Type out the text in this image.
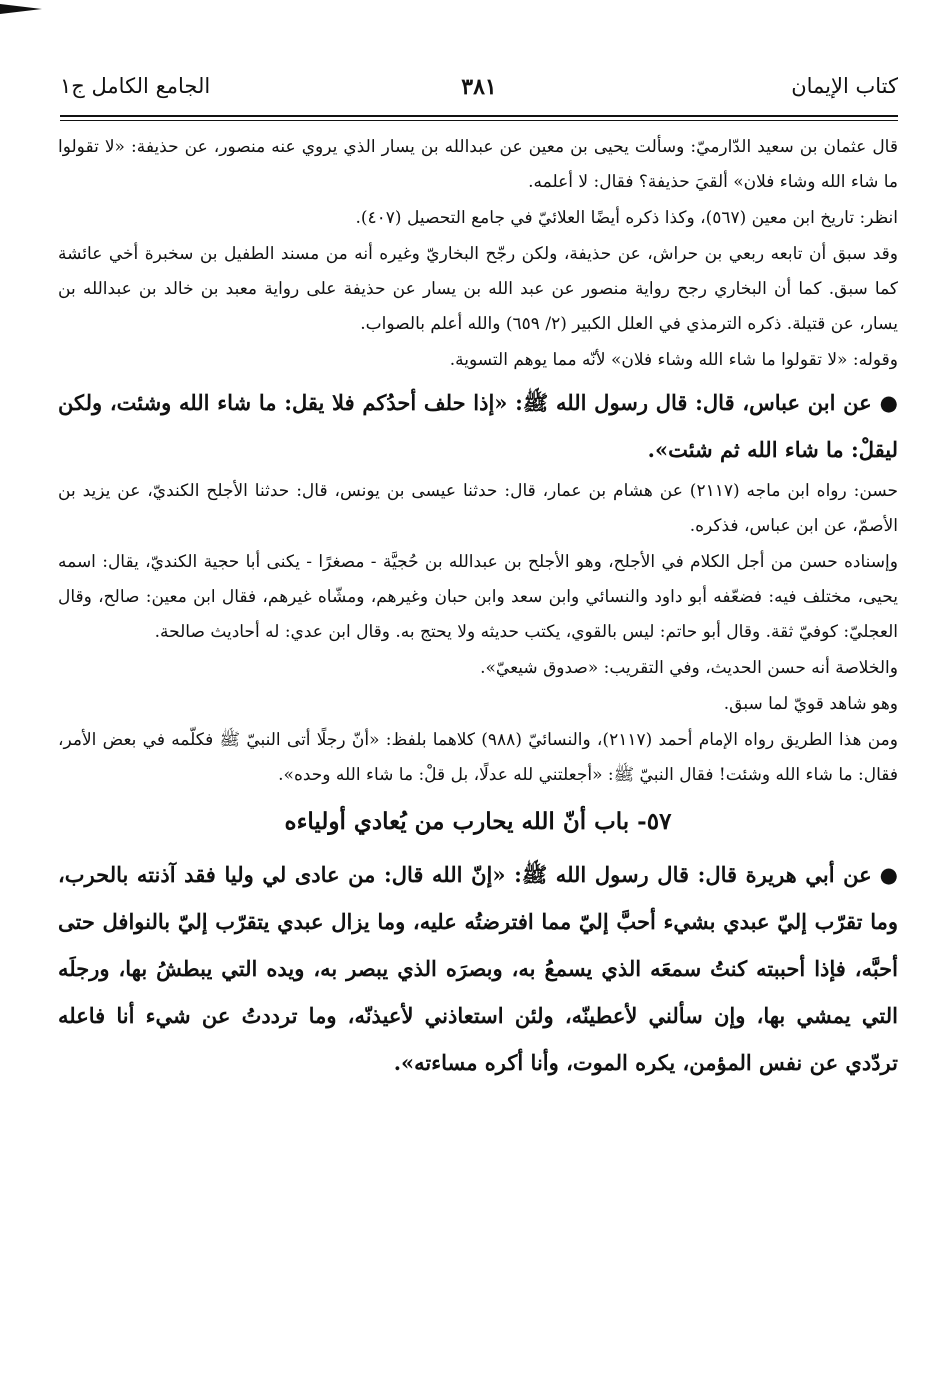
كتاب الإيمان
٣٨١
الجامع الكامل ج١

قال عثمان بن سعيد الدّارميّ: وسألت يحيى بن معين عن عبدالله بن يسار الذي يروي عنه منصور، عن حذيفة: «لا تقولوا ما شاء الله وشاء فلان» ألقيَ حذيفة؟ فقال: لا أعلمه.

انظر: تاريخ ابن معين (٥٦٧)، وكذا ذكره أيضًا العلائيّ في جامع التحصيل (٤٠٧).

وقد سبق أن تابعه ربعي بن حراش، عن حذيفة، ولكن رجّح البخاريّ وغيره أنه من مسند الطفيل بن سخبرة أخي عائشة كما سبق. كما أن البخاري رجح رواية منصور عن عبد الله بن يسار عن حذيفة على رواية معبد بن خالد بن عبدالله بن يسار، عن قتيلة. ذكره الترمذي في العلل الكبير (٢/ ٦٥٩) والله أعلم بالصواب.

وقوله: «لا تقولوا ما شاء الله وشاء فلان» لأنّه مما يوهم التسوية.

●عن ابن عباس، قال: قال رسول الله ﷺ: «إذا حلف أحدُكم فلا يقل: ما شاء الله وشئت، ولكن ليقلْ: ما شاء الله ثم شئت».

حسن: رواه ابن ماجه (٢١١٧) عن هشام بن عمار، قال: حدثنا عيسى بن يونس، قال: حدثنا الأجلح الكنديّ، عن يزيد بن الأصمّ، عن ابن عباس، فذكره.

وإسناده حسن من أجل الكلام في الأجلح، وهو الأجلح بن عبدالله بن حُجيَّة - مصغرًا - يكنى أبا حجية الكنديّ، يقال: اسمه يحيى، مختلف فيه: فضعّفه أبو داود والنسائي وابن سعد وابن حبان وغيرهم، ومشّاه غيرهم، فقال ابن معين: صالح، وقال العجليّ: كوفيّ ثقة. وقال أبو حاتم: ليس بالقوي، يكتب حديثه ولا يحتج به. وقال ابن عدي: له أحاديث صالحة.

والخلاصة أنه حسن الحديث، وفي التقريب: «صدوق شيعيّ».

وهو شاهد قويّ لما سبق.

ومن هذا الطريق رواه الإمام أحمد (٢١١٧)، والنسائيّ (٩٨٨) كلاهما بلفظ: «أنّ رجلًا أتى النبيّ ﷺ فكلّمه في بعض الأمر، فقال: ما شاء الله وشئت! فقال النبيّ ﷺ: «أجعلتني لله عدلًا، بل قلْ: ما شاء الله وحده».

٥٧- باب أنّ الله يحارب من يُعادي أولياءه

●عن أبي هريرة قال: قال رسول الله ﷺ: «إنّ الله قال: من عادى لي وليا فقد آذنته بالحرب، وما تقرّب إليّ عبدي بشيء أحبَّ إليّ مما افترضتُه عليه، وما يزال عبدي يتقرّب إليّ بالنوافل حتى أحبَّه، فإذا أحببته كنتُ سمعَه الذي يسمعُ به، وبصرَه الذي يبصر به، ويده التي يبطشُ بها، ورجلَه التي يمشي بها، وإن سألني لأعطينّه، ولئن استعاذني لأعيذنّه، وما ترددتُ عن شيء أنا فاعله تردّدي عن نفس المؤمن، يكره الموت، وأنا أكره مساءته».
